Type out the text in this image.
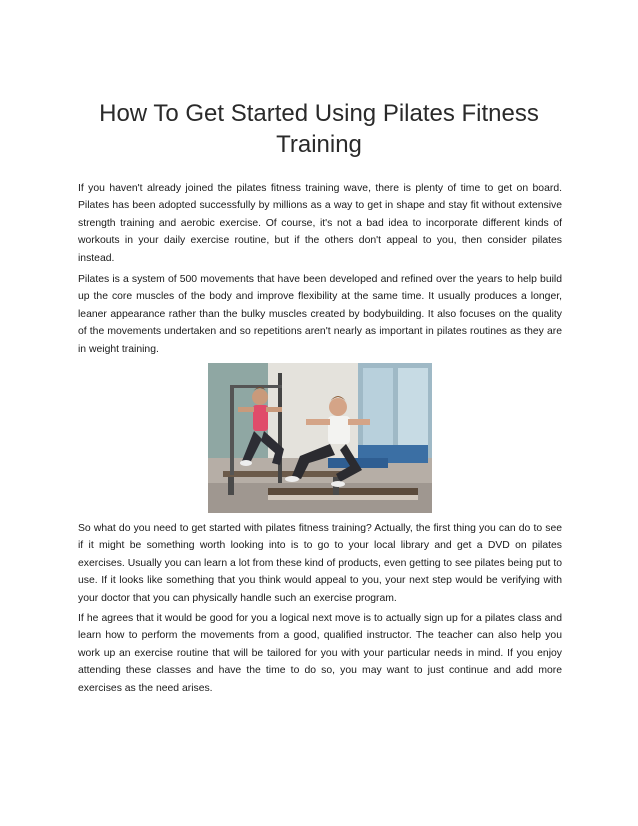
How To Get Started Using Pilates Fitness Training

If you haven't already joined the pilates fitness training wave, there is plenty of time to get on board. Pilates has been adopted successfully by millions as a way to get in shape and stay fit without extensive strength training and aerobic exercise. Of course, it's not a bad idea to incorporate different kinds of workouts in your daily exercise routine, but if the others don't appeal to you, then consider pilates instead.

Pilates is a system of 500 movements that have been developed and refined over the years to help build up the core muscles of the body and improve flexibility at the same time. It usually produces a longer, leaner appearance rather than the bulky muscles created by bodybuilding. It also focuses on the quality of the movements undertaken and so repetitions aren't nearly as important in pilates routines as they are in weight training.

So what do you need to get started with pilates fitness training? Actually, the first thing you can do to see if it might be something worth looking into is to go to your local library and get a DVD on pilates exercises. Usually you can learn a lot from these kind of products, even getting to see pilates being put to use. If it looks like something that you think would appeal to you, your next step would be verifying with your doctor that you can physically handle such an exercise program.

If he agrees that it would be good for you a logical next move is to actually sign up for a pilates class and learn how to perform the movements from a good, qualified instructor. The teacher can also help you work up an exercise routine that will be tailored for you with your particular needs in mind. If you enjoy attending these classes and have the time to do so, you may want to just continue and add more exercises as the need arises.
